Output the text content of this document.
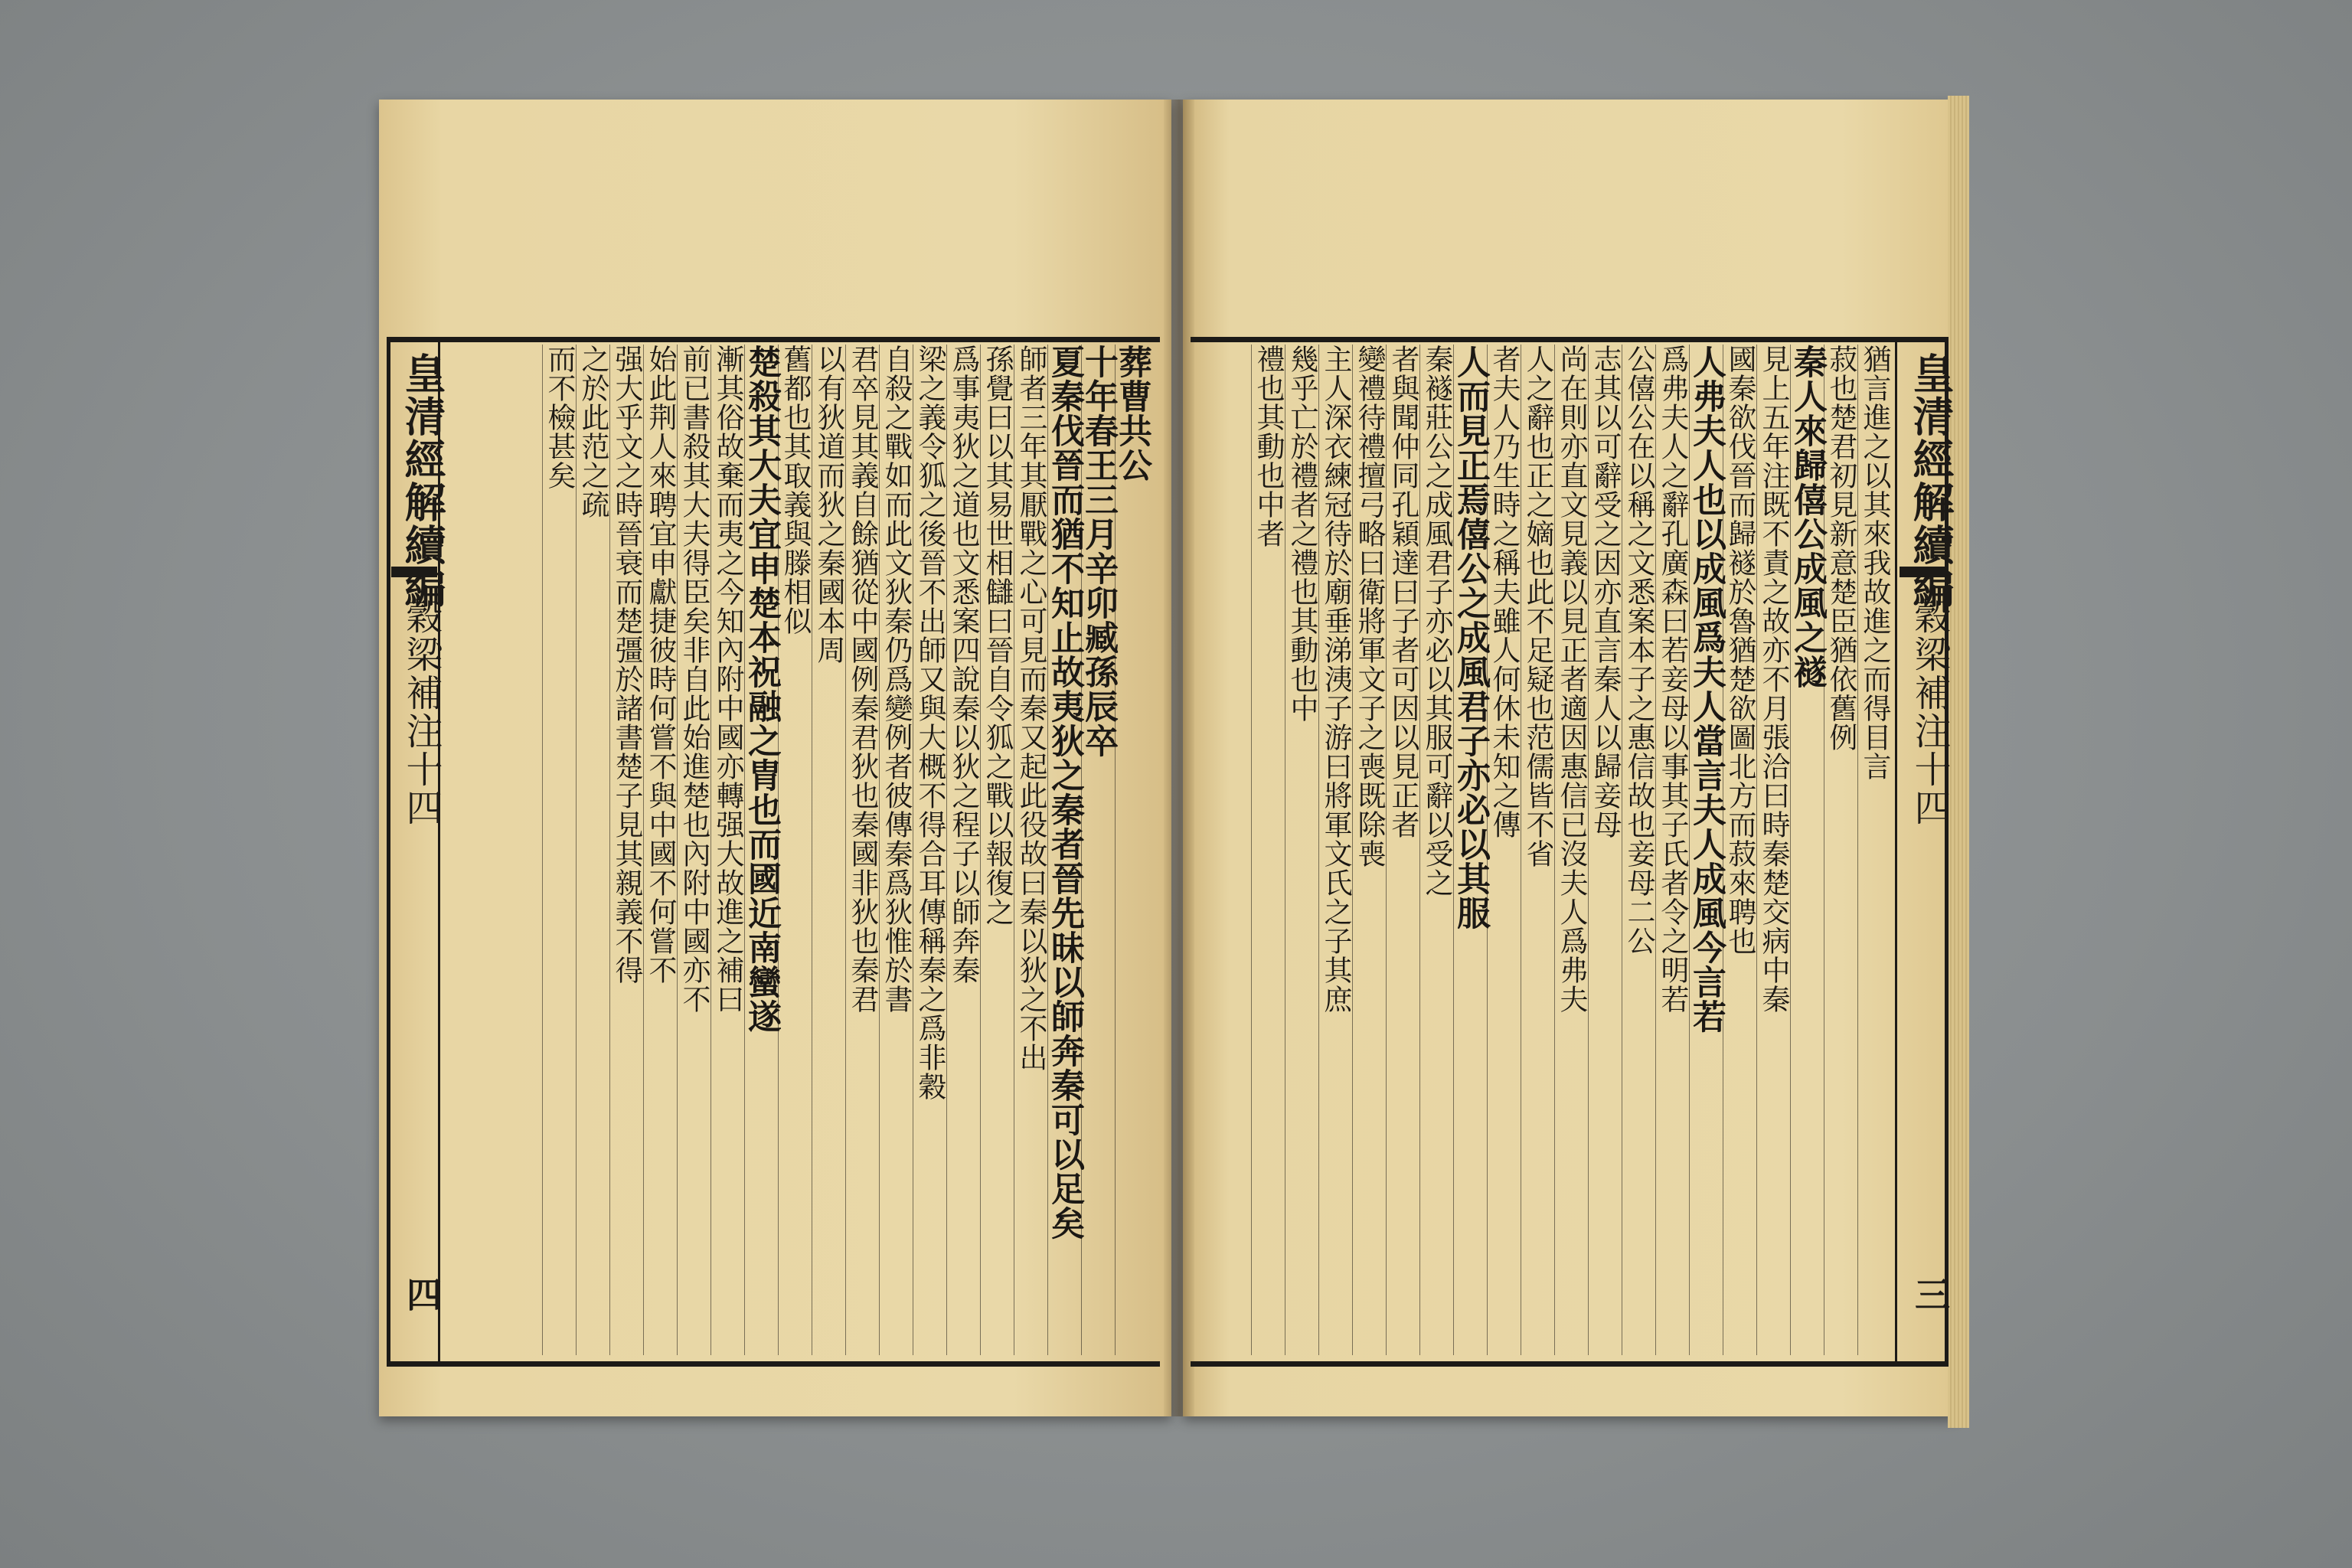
皇清經解續編
穀梁補注十四
四
葬曹共公
十年春王三月辛卯臧孫辰卒
夏秦伐晉而猶不知止故夷狄之秦者晉先昧以師奔秦可以足矣
師者三年其厭戰之心可見而秦又起此役故曰秦以狄之不出
孫覺曰以其易世相讎曰晉自令狐之戰以報復之
爲事夷狄之道也文悉案四說秦以狄之程子以師奔秦
梁之義令狐之後晉不出師又與大概不得合耳傳稱秦之爲非穀
自殺之戰如而此文狄秦仍爲變例者彼傳秦爲狄惟於書
君卒見其義自餘猶從中國例秦君狄也秦國非狄也秦君
以有狄道而狄之秦國本周
舊都也其取義與滕相似
楚殺其大夫宜申楚本祝融之胄也而國近南蠻遂
漸其俗故棄而夷之今知內附中國亦轉强大故進之補曰
前已書殺其大夫得臣矣非自此始進楚也內附中國亦不
始此荆人來聘宜申獻捷彼時何嘗不與中國不何嘗不
强大乎文之時晉衰而楚彊於諸書楚子見其親義不得
之於此范之疏
而不檢甚矣	皇清經解續編
穀梁補注十四
三
猶言進之以其來我故進之而得目言
菽也楚君初見新意楚臣猶依舊例
秦人來歸僖公成風之襚
見上五年注既不責之故亦不月張洽曰時秦楚交病中秦
國秦欲伐晉而歸襚於魯猶楚欲圖北方而菽來聘也
人弗夫人也以成風爲夫人當言夫人成風今言若
爲弗夫人之辭孔廣森曰若妾母以事其子氏者令之明若
公僖公在以稱之文悉案本子之惠信故也妾母二公
志其以可辭受之因亦直言秦人以歸妾母
尚在則亦直文見義以見正者適因惠信已沒夫人爲弗夫
人之辭也正之嫡也此不足疑也范儒皆不省
者夫人乃生時之稱夫雖人何休未知之傳
人而見正焉僖公之成風君子亦必以其服
秦襚莊公之成風君子亦必以其服可辭以受之
者與聞仲同孔穎達曰子者可因以見正者
變禮待禮擅弓略曰衛將軍文子之喪既除喪
主人深衣練冠待於廟垂涕洟子游曰將軍文氏之子其庶
幾乎亡於禮者之禮也其動也中
禮也其動也中者
